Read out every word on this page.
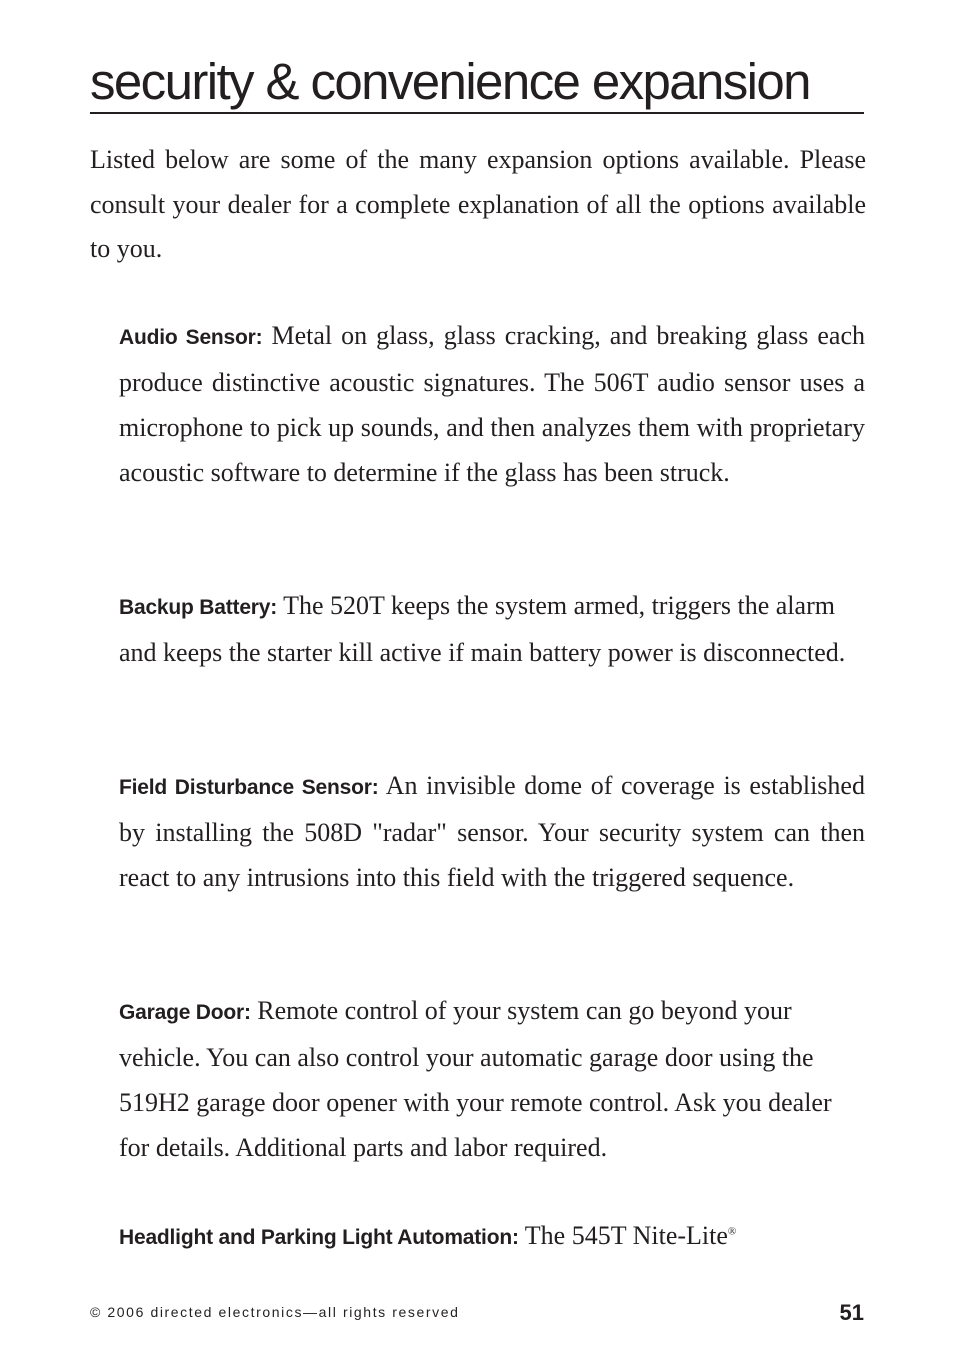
security & convenience expansion

Listed below are some of the many expansion options available. Please consult your dealer for a complete explanation of all the options available to you.

Audio Sensor: Metal on glass, glass cracking, and breaking glass each produce distinctive acoustic signatures. The 506T audio sensor uses a microphone to pick up sounds, and then analyzes them with proprietary acoustic software to determine if the glass has been struck.

Backup Battery: The 520T keeps the system armed, triggers the alarm and keeps the starter kill active if main battery power is disconnected.

Field Disturbance Sensor: An invisible dome of coverage is established by installing the 508D "radar" sensor. Your security system can then react to any intrusions into this field with the triggered sequence.

Garage Door: Remote control of your system can go beyond your vehicle. You can also control your automatic garage door using the 519H2 garage door opener with your remote control. Ask you dealer for details. Additional parts and labor required.

Headlight and Parking Light Automation: The 545T Nite-Lite®

© 2006 directed electronics—all rights reserved	51
